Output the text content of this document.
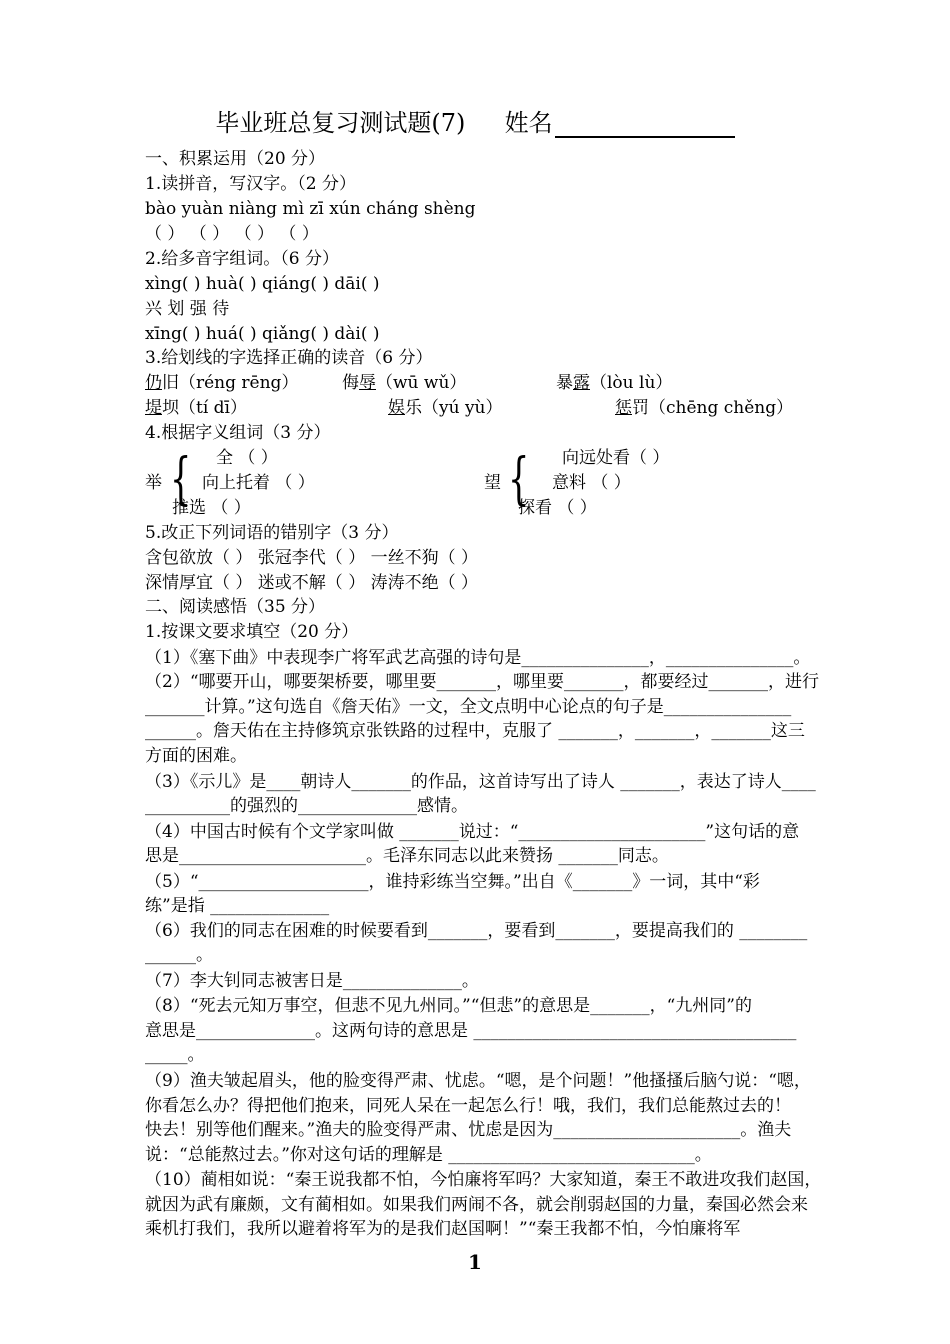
毕业班总复习测试题(7) 姓名
一、积累运用（20 分）
1.读拼音，写汉字。（2 分）
bào yuàn niàng mì zī xún cháng shèng
（ ） （ ） （ ） （ ）
2.给多音字组词。（6 分）
xìng( ) huà( ) qiáng( ) dāi( )
兴 划 强 待
xīng( ) huá( ) qiǎng( ) dài( )
3.给划线的字选择正确的读音（6 分）
仍旧（réng rēng）	侮辱（wū wǔ）	暴露（lòu lù）
堤坝（tí dī）	娱乐（yú yù）	惩罚（chēng chěng）
4.根据字义组词（3 分）
举 { 全 （ ）
向上托着 （ ）
推选 （ ）
望 { 向远处看（ ）
意料 （ ）
探看 （ ）
5.改正下列词语的错别字（3 分）
含包欲放（ ） 张冠李代（ ） 一丝不狗（ ）
深情厚宜（ ） 迷或不解（ ） 涛涛不绝（ ）
二、阅读感悟（35 分）
1.按课文要求填空（20 分）
（1）《塞下曲》中表现李广将军武艺高强的诗句是_______________，_______________。
（2）“哪要开山，哪要架桥要，哪里要_______，哪里要_______，都要经过_______，进行
_______计算。”这句选自《詹天佑》一文，全文点明中心论点的句子是_______________
______。詹天佑在主持修筑京张铁路的过程中，克服了 _______，_______，_______这三
方面的困难。
（3）《示儿》是____朝诗人_______的作品，这首诗写出了诗人 _______，表达了诗人____
__________的强烈的______________感情。
（4）中国古时候有个文学家叫做 _______说过：“______________________”这句话的意
思是______________________。毛泽东同志以此来赞扬 _______同志。
（5）“____________________，谁持彩练当空舞。”出自《_______》一词，其中“彩
练”是指 ______________
（6）我们的同志在困难的时候要看到_______，要看到_______，要提高我们的 ________
______。
（7）李大钊同志被害日是______________。
（8）“死去元知万事空，但悲不见九州同。”“但悲”的意思是_______，“九州同”的
意思是______________。这两句诗的意思是 ______________________________________
_____。
（9）渔夫皱起眉头，他的脸变得严肃、忧虑。“嗯，是个问题！”他搔搔后脑勺说：“嗯，
你看怎么办？得把他们抱来，同死人呆在一起怎么行！哦，我们，我们总能熬过去的！
快去！别等他们醒来。”渔夫的脸变得严肃、忧虑是因为______________________。渔夫
说：“总能熬过去。”你对这句话的理解是 _____________________________。
（10）蔺相如说：“秦王说我都不怕，今怕廉将军吗？大家知道，秦王不敢进攻我们赵国，
就因为武有廉颇，文有蔺相如。如果我们两闹不各，就会削弱赵国的力量，秦国必然会来
乘机打我们，我所以避着将军为的是我们赵国啊！”“秦王我都不怕，今怕廉将军
1
